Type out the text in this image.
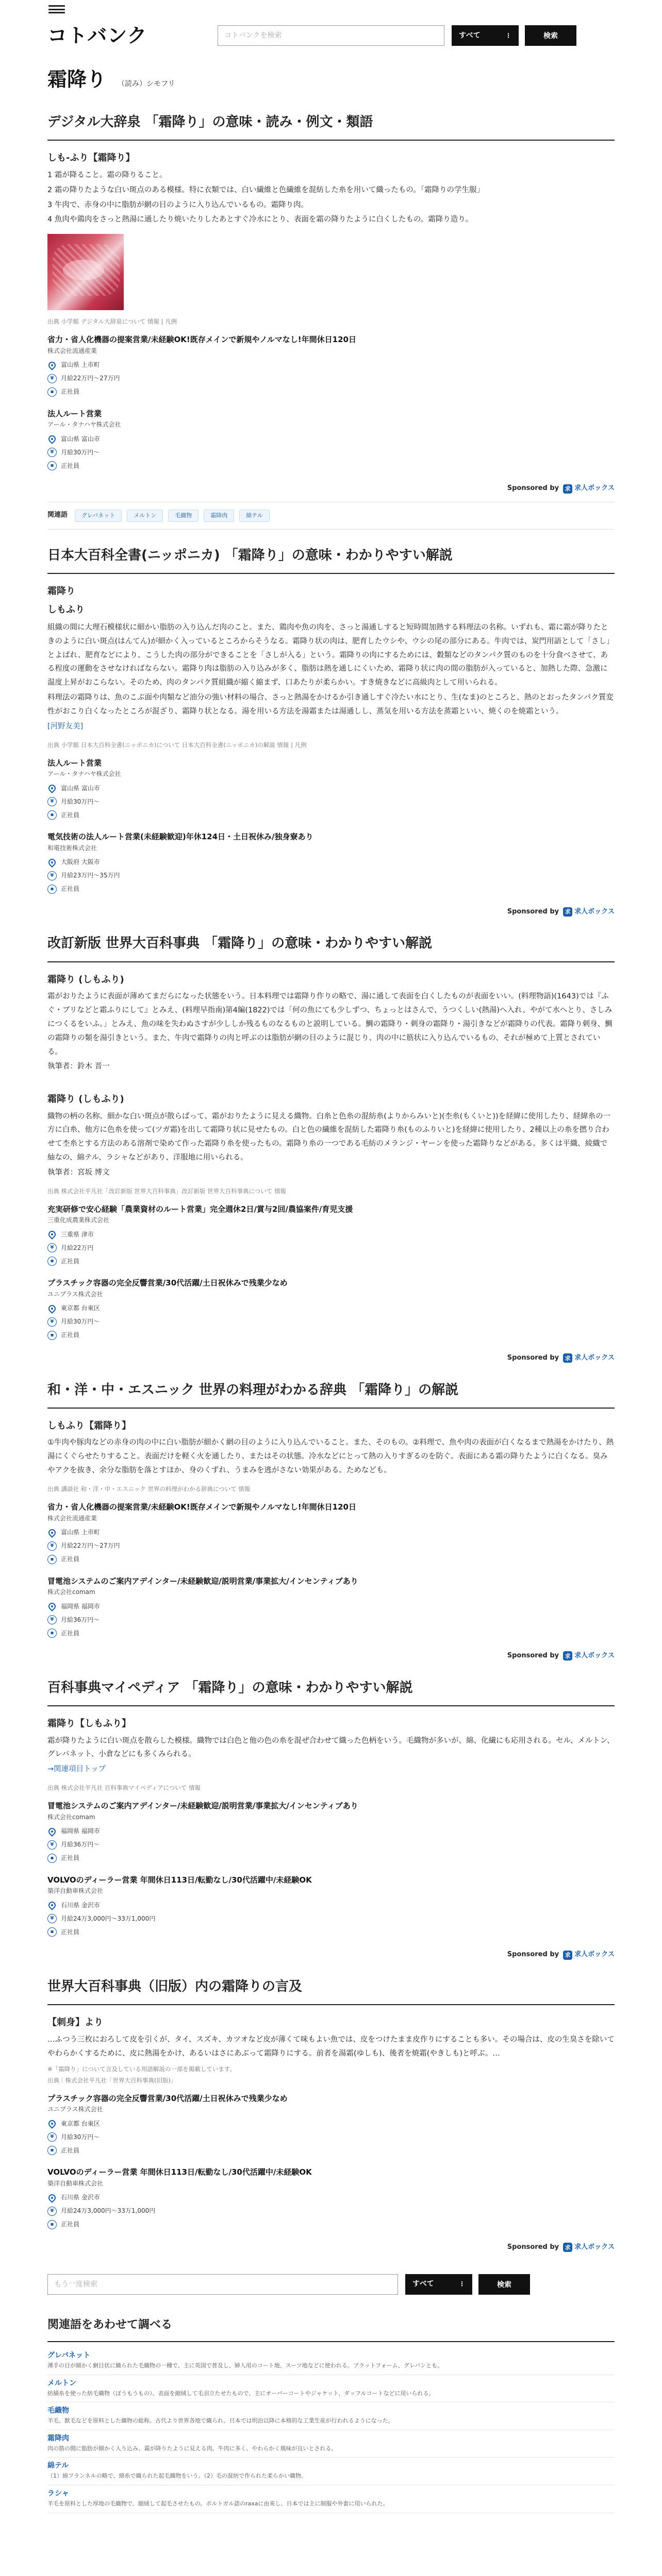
コトバンク
コトバンクを検索	すべて	⋮	検索
霜降り （読み）シモフリ
デジタル大辞泉 「霜降り」の意味・読み・例文・類語
しも‐ふり【霜降り】
1 霜が降ること。霜の降りること。
2 霜の降りたような白い斑点のある模様。特に衣類では、白い繊維と色繊維を混紡した糸を用いて織ったもの。「霜降りの学生服」
3 牛肉で、赤身の中に脂肪が網の目のように入り込んでいるもの。霜降り肉。
4 魚肉や鶏肉をさっと熱湯に通したり焼いたりしたあとすぐ冷水にとり、表面を霜の降りたように白くしたもの。霜降り造り。
出典 小学館 デジタル大辞泉について 情報 | 凡例
省力・省人化機器の提案営業/未経験OK!既存メインで新規やノルマなし!年間休日120日
株式会社流通産業
富山県 上市町
¥	月給22万円～27万円
▪	正社員
法人ルート営業
アール・タナハヤ株式会社
富山県 富山市
¥	月給30万円～
▪	正社員
Sponsored by	求 求人ボックス
関連語	グレバネット	メルトン	毛織物	霜降肉	綿テル
日本大百科全書(ニッポニカ) 「霜降り」の意味・わかりやすい解説
霜降り
しもふり
組織の間に大理石模様状に細かい脂肪の入り込んだ肉のこと。また、鶏肉や魚の肉を、さっと湯通しすると短時間加熱する料理法の名称。いずれも、霜に霜が降りたときのように白い斑点(はんてん)が細かく入っているところからそうなる。霜降り状の肉は、肥育したウシや、ウシの尾の部分にある。牛肉では、炭門用語として「さし」とよばれ、肥育などにより、こうした肉の部分ができることを「さしが入る」という。霜降りの肉にするためには、穀類などのタンパク質のものを十分食べさせて、ある程度の運動をさせなければならない。霜降り肉は脂肪の入り込みが多く、脂肪は熱を通しにくいため、霜降り状に肉の間の脂肪が入っていると、加熱した際、急激に温度上昇がおこらない。そのため、肉のタンパク質組織が縮く縮まず、口あたりが柔らかい。すき焼きなどに高級肉として用いられる。
料理法の霜降りは、魚のこぶ面や肉類など油分の強い材料の場合、さっと熱湯をかけるか引き通しすぐ冷たい水にとり、生(なま)のところと、熱のとおったタンパク質変性がおこり白くなったところが混ざり、霜降り状となる。湯を用いる方法を湯霜または湯通しし、蒸気を用いる方法を蒸霜といい、焼くのを焼霜という。
[河野友美]
出典 小学館 日本大百科全書(ニッポニカ)について 日本大百科全書(ニッポニカ)の解説 情報 | 凡例
法人ルート営業
アール・タナハヤ株式会社
富山県 富山市
¥	月給30万円～
▪	正社員
電気技術の法人ルート営業(未経験歓迎)年休124日・土日祝休み/独身寮あり
和電技術株式会社
大阪府 大阪市
¥	月給23万円～35万円
▪	正社員
Sponsored by	求 求人ボックス
改訂新版 世界大百科事典 「霜降り」の意味・わかりやすい解説
霜降り (しもふり)
霜がおりたように表面が薄めてまだらになった状態をいう。日本料理では霜降り作りの略で、湯に通して表面を白くしたものが表面をいい。(料理物語)(1643)では『ふぐ・ブリなどと霜ふりにして』とみえ、(料理早指南)第4編(1822)では「何の魚にても少しずつ、ちょっとはさんで、うつくしい(熱湯)へ入れ、やがて水へとり、さしみにつくるをいふ。」とみえ、魚の味を失わぬさすが少ししか残るものなるものと説明している。鯛の霜降り・刺身の霜降り・湯引きなどが霜降りの代表。霜降り刺身、鯛の霜降りの類を湯引きという。また、牛肉で霜降りの肉と呼ぶのは脂肪が網の目のように混じり、肉の中に筋状に入り込んでいるもの、それが極めて上質とされている。
執筆者：鈴木 晋一
霜降り (しもふり)
織物の柄の名称。細かな白い斑点が散らばって、霜がおりたように見える織物。白糸と色糸の混紡糸(よりからみいと)(杢糸(もくいと))を経緯に使用したり、経緯糸の一方に白糸、他方に色糸を使って(ツガ霜)を出して霜降り状に見せたもの。白と色の繊維を混紡した霜降り糸(ものふりいと)を経緯に使用したり、2種以上の糸を撚り合わせて杢糸とする方法のある溶剤で染めて作った霜降り糸を使ったもの。霜降り糸の一つである毛紡のメランジ・ヤーンを使った霜降りなどがある。多くは平織、綾織で紬なの、綿テル、ラシャなどがあり、洋服地に用いられる。
執筆者：宮坂 博文
出典 株式会社平凡社「改訂新版 世界大百科事典」改訂新版 世界大百科事典について 情報
充実研修で安心経験「農業資材のルート営業」完全週休2日/賞与2回/農協案件/育児支援
三重化成農業株式会社
三重県 津市
¥	月給22万円
▪	正社員
プラスチック容器の完全反響営業/30代活躍/土日祝休みで残業少なめ
ユニプラス株式会社
東京都 台東区
¥	月給30万円～
▪	正社員
Sponsored by	求 求人ボックス
和・洋・中・エスニック 世界の料理がわかる辞典 「霜降り」の解説
しもふり【霜降り】
①牛肉や豚肉などの赤身の肉の中に白い脂肪が細かく網の目のように入り込んでいること。また、そのもの。②料理で、魚や肉の表面が白くなるまで熱湯をかけたり、熱湯にくぐらせたりすること。表面だけを軽く火を通したり、またはその状態。冷水などにとって熱の入りすぎるのを防ぐ。表面にある霜の降りたように白くなる。臭みやアクを抜き、余分な脂肪を落とすほか、身のくずれ、うまみを逃がさない効果がある。ためなども。
出典 講談社 和・洋・中・エスニック 世界の料理がわかる辞典について 情報
省力・省人化機器の提案営業/未経験OK!既存メインで新規やノルマなし!年間休日120日
株式会社流通産業
富山県 上市町
¥	月給22万円～27万円
▪	正社員
冒電池システムのご案内アデインター/未経験歓迎/説明営業/事業拡大/インセンティブあり
株式会社comam
福岡県 福岡市
¥	月給36万円～
▪	正社員
Sponsored by	求 求人ボックス
百科事典マイペディア 「霜降り」の意味・わかりやすい解説
霜降り【しもふり】
霜が降りたように白い斑点を散らした模様。織物では白色と他の色の糸を混ぜ合わせて織った色柄をいう。毛織物が多いが、綿、化繊にも応用される。セル、メルトン、グレバネット、小倉などにも多くみられる。
→関連項目トップ
出典 株式会社平凡社 百科事典マイペディアについて 情報
冒電池システムのご案内アデインター/未経験歓迎/説明営業/事業拡大/インセンティブあり
株式会社comam
福岡県 福岡市
¥	月給36万円～
▪	正社員
VOLVOのディーラー営業 年間休日113日/転勤なし/30代活躍中/未経験OK
築洋自動車株式会社
石川県 金沢市
¥	月給24万3,000円～33万1,000円
▪	正社員
Sponsored by	求 求人ボックス
世界大百科事典（旧版）内の霜降りの言及
【刺身】より
…ふつう三枚におろして皮を引くが、タイ、スズキ、カツオなど皮が薄くて味もよい魚では、皮をつけたまま皮作りにすることも多い。その場合は、皮の生臭さを除いてやわらかくするために、皮に熱湯をかけ、あるいはさにあぶって霜降りにする。前者を湯霜(ゆしも)、後者を焼霜(やきしも)と呼ぶ。…
※「霜降り」について言及している用語解説の一部を掲載しています。
出典｜株式会社平凡社「世界大百科事典(旧版)」
プラスチック容器の完全反響営業/30代活躍/土日祝休みで残業少なめ
ユニプラス株式会社
東京都 台東区
¥	月給30万円～
▪	正社員
VOLVOのディーラー営業 年間休日113日/転勤なし/30代活躍中/未経験OK
築洋自動車株式会社
石川県 金沢市
¥	月給24万3,000円～33万1,000円
▪	正社員
Sponsored by	求 求人ボックス
もう一度検索
すべて	⋮	検索
関連語をあわせて調べる
グレバネット
薄手の目が細かく網目状に織られた毛織物の一種で、主に英国で普及し、婦人用のコート地、スーツ地などに使われる。プラットフォーム、グレバンとも。
メルトン
紡績糸を使った紡毛織物（ぼうもうもの）。表面を縮絨して毛羽立たせたもので、主にオーバーコートやジャケット、ダッフルコートなどに用いられる。
毛織物
羊毛、獣毛などを原料とした織物の総称。古代より世界各地で織られ、日本では明治以降に本格的な工業生産が行われるようになった。
霜降肉
肉の筋の間に脂肪が細かく入り込み、霜が降りたように見える肉。牛肉に多く、やわらかく風味が良いとされる。
綿テル
（1）綿フランネルの略で、綿糸で織られた起毛織物をいう。（2）毛の混紡で作られた柔らかい織物。
ラシャ
羊毛を原料とした厚地の毛織物で、縮絨して起毛させたもの。ポルトガル語のraxaに由来し、日本では主に制服や外套に用いられた。
